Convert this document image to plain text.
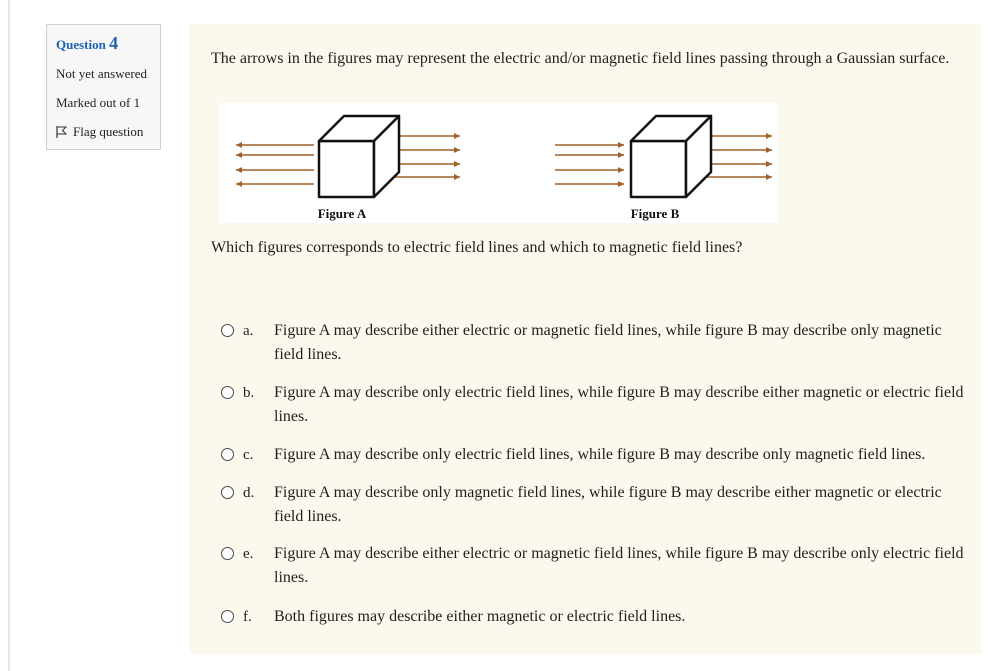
Question 4
Not yet answered
Marked out of 1
Flag question
The arrows in the figures may represent the electric and/or magnetic field lines passing through a Gaussian surface.
Figure A	Figure B
Which figures corresponds to electric field lines and which to magnetic field lines?
a. Figure A may describe either electric or magnetic field lines, while figure B may describe only magnetic field lines.
b. Figure A may describe only electric field lines, while figure B may describe either magnetic or electric field lines.
c. Figure A may describe only electric field lines, while figure B may describe only magnetic field lines.
d. Figure A may describe only magnetic field lines, while figure B may describe either magnetic or electric field lines.
e. Figure A may describe either electric or magnetic field lines, while figure B may describe only electric field lines.
f. Both figures may describe either magnetic or electric field lines.
